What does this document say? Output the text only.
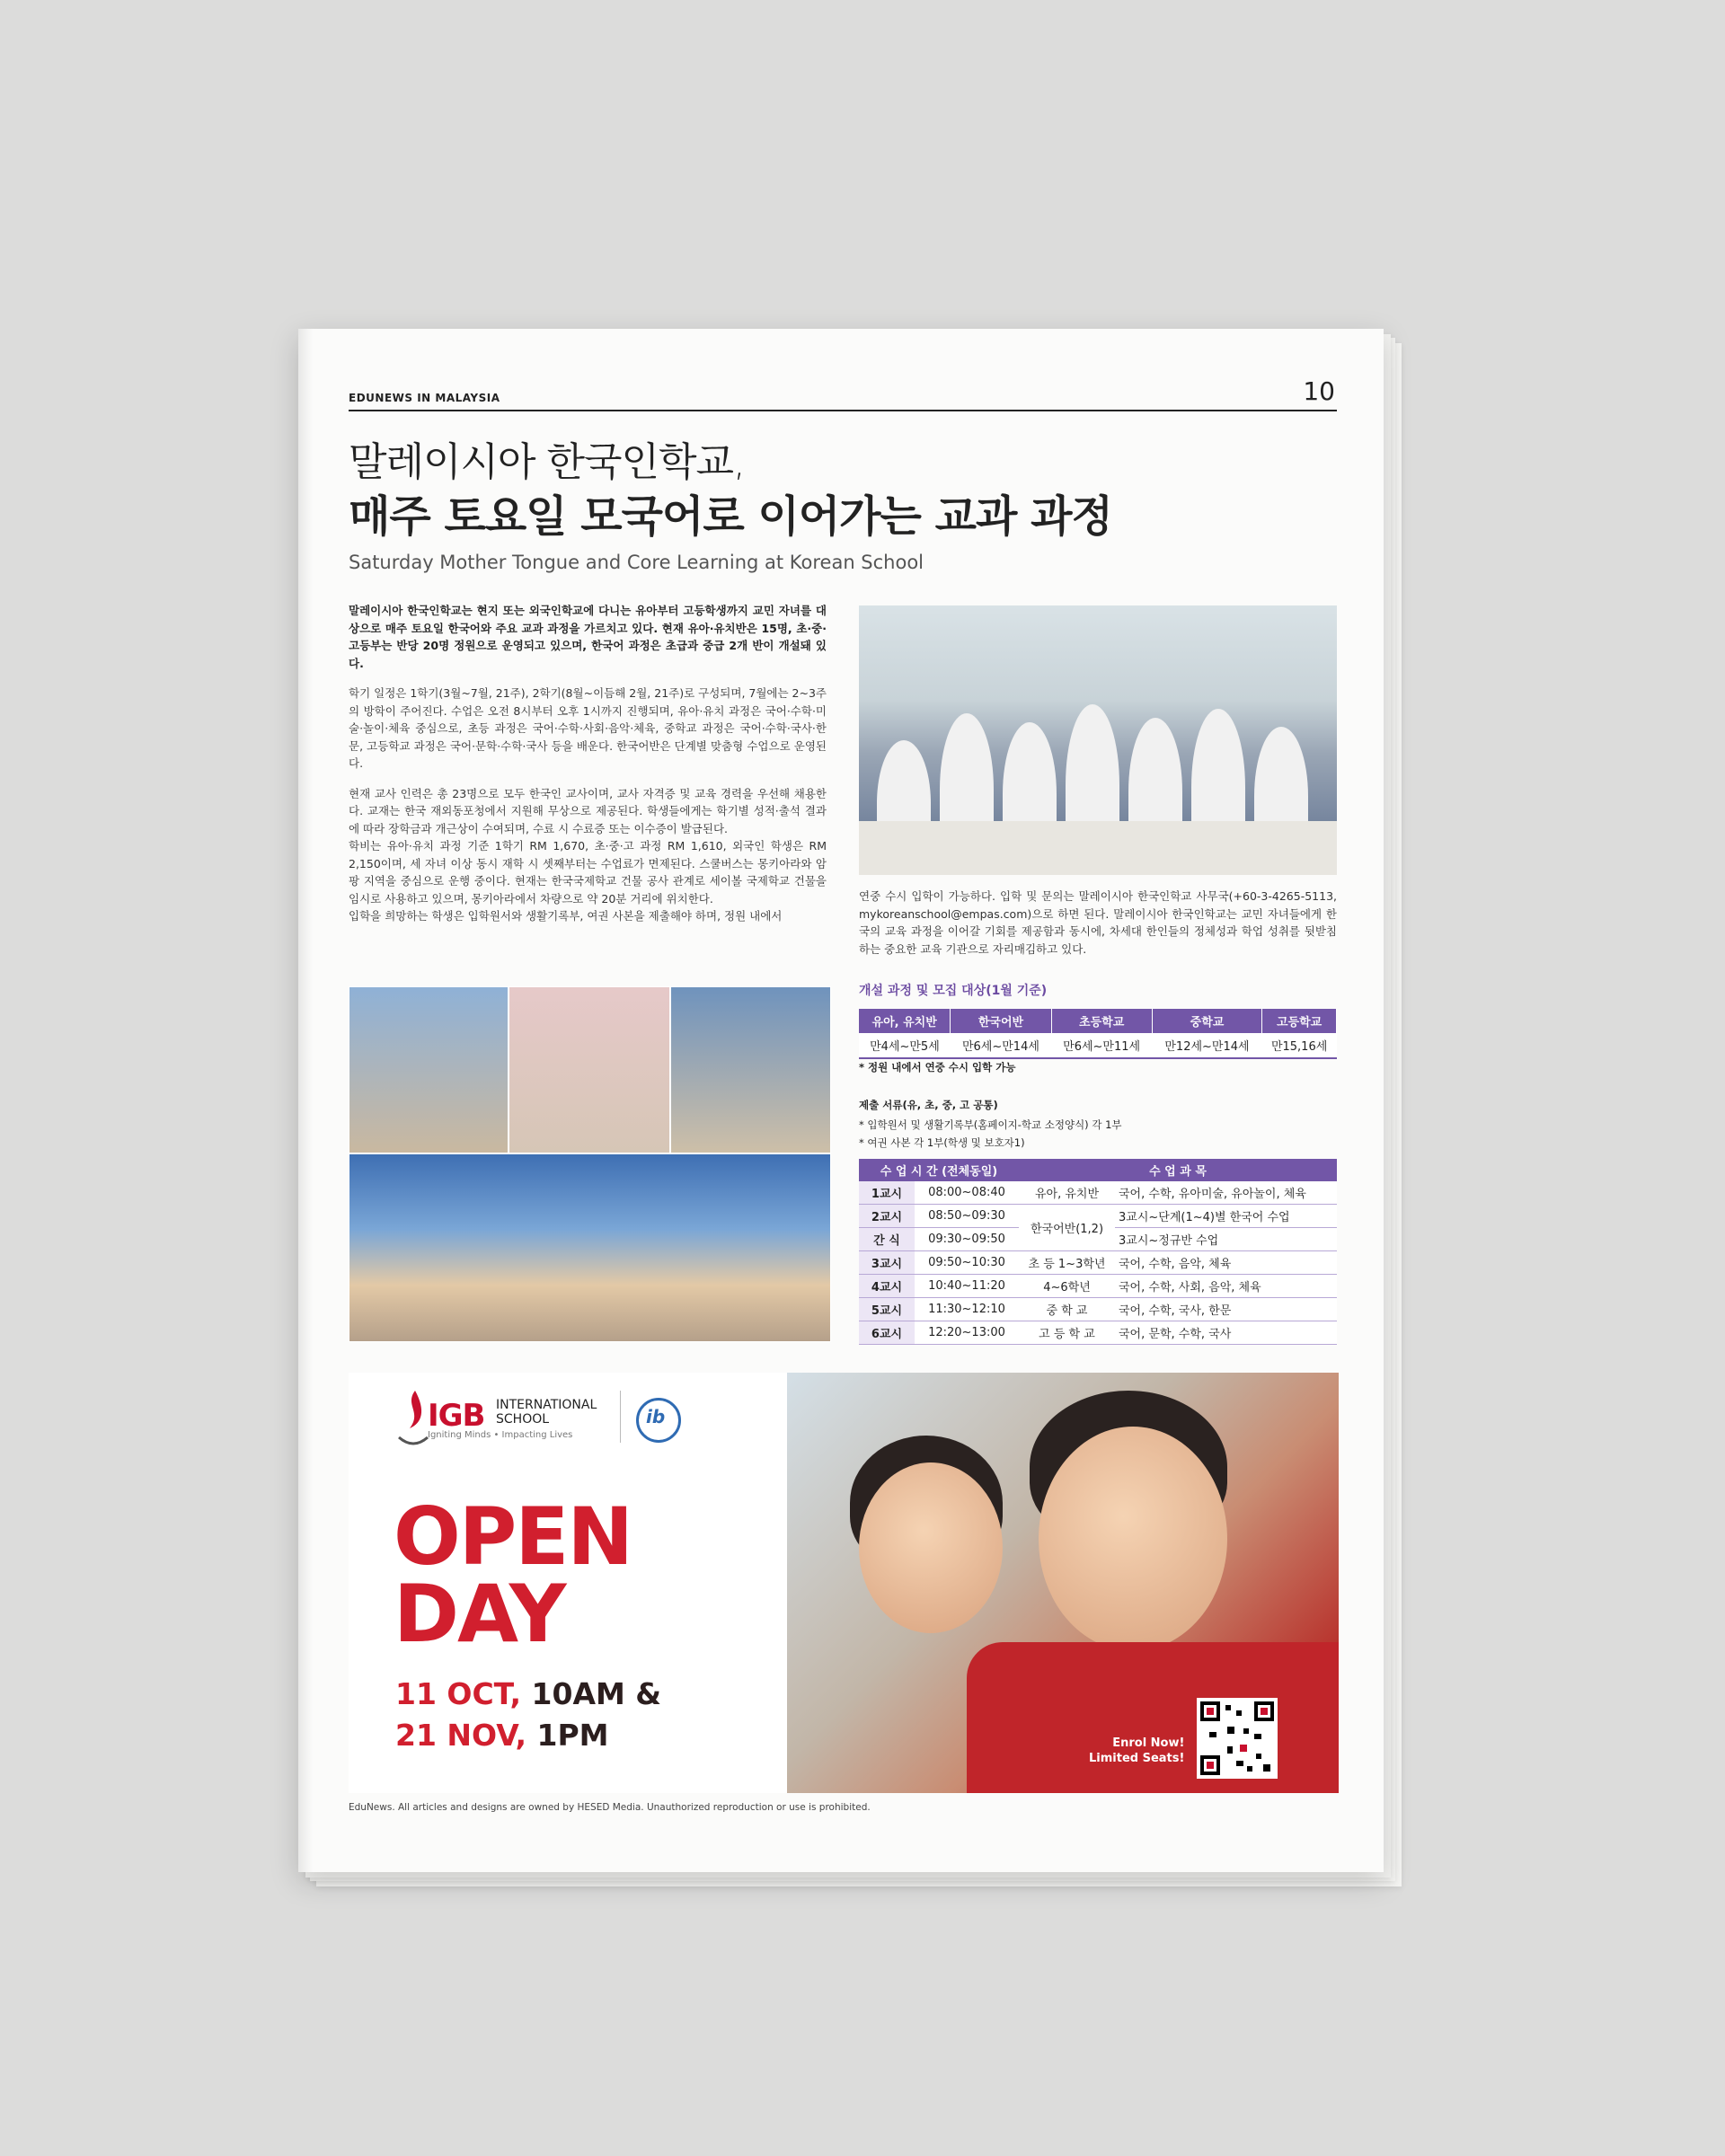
EDUNEWS IN MALAYSIA	10
말레이시아 한국인학교,
매주 토요일 모국어로 이어가는 교과 과정
Saturday Mother Tongue and Core Learning at Korean School

말레이시아 한국인학교는 현지 또는 외국인학교에 다니는 유아부터 고등학생까지 교민 자녀를 대상으로 매주 토요일 한국어와 주요 교과 과정을 가르치고 있다. 현재 유아·유치반은 15명, 초·중·고등부는 반당 20명 정원으로 운영되고 있으며, 한국어 과정은 초급과 중급 2개 반이 개설돼 있다.

학기 일정은 1학기(3월~7월, 21주), 2학기(8월~이듬해 2월, 21주)로 구성되며, 7월에는 2~3주의 방학이 주어진다. 수업은 오전 8시부터 오후 1시까지 진행되며, 유아·유치 과정은 국어·수학·미술·놀이·체육 중심으로, 초등 과정은 국어·수학·사회·음악·체육, 중학교 과정은 국어·수학·국사·한문, 고등학교 과정은 국어·문학·수학·국사 등을 배운다. 한국어반은 단계별 맞춤형 수업으로 운영된다.

현재 교사 인력은 총 23명으로 모두 한국인 교사이며, 교사 자격증 및 교육 경력을 우선해 채용한다. 교재는 한국 재외동포청에서 지원해 무상으로 제공된다. 학생들에게는 학기별 성적·출석 결과에 따라 장학금과 개근상이 수여되며, 수료 시 수료증 또는 이수증이 발급된다.

학비는 유아·유치 과정 기준 1학기 RM 1,670, 초·중·고 과정 RM 1,610, 외국인 학생은 RM 2,150이며, 세 자녀 이상 동시 재학 시 셋째부터는 수업료가 면제된다. 스쿨버스는 몽키아라와 암팡 지역을 중심으로 운행 중이다. 현재는 한국국제학교 건물 공사 관계로 세이볼 국제학교 건물을 임시로 사용하고 있으며, 몽키아라에서 차량으로 약 20분 거리에 위치한다.

입학을 희망하는 학생은 입학원서와 생활기록부, 여권 사본을 제출해야 하며, 정원 내에서

연중 수시 입학이 가능하다. 입학 및 문의는 말레이시아 한국인학교 사무국(+60-3-4265-5113, mykoreanschool@empas.com)으로 하면 된다. 말레이시아 한국인학교는 교민 자녀들에게 한국의 교육 과정을 이어갈 기회를 제공함과 동시에, 차세대 한인들의 정체성과 학업 성취를 뒷받침하는 중요한 교육 기관으로 자리매김하고 있다.
개설 과정 및 모집 대상(1월 기준)
유아, 유치반	한국어반	초등학교	중학교	고등학교
만4세~만5세	만6세~만14세	만6세~만11세	만12세~만14세	만15,16세
* 정원 내에서 연중 수시 입학 가능
제출 서류(유, 초, 중, 고 공통)
* 입학원서 및 생활기록부(홈페이지-학교 소정양식) 각 1부
* 여권 사본 각 1부(학생 및 보호자1)
수 업 시 간 (전체동일)		수 업 과 목	
1교시	08:00~08:40	유아, 유치반	국어, 수학, 유아미술, 유아놀이, 체육
2교시	08:50~09:30	한국어반(1,2)	3교시~단계(1~4)별 한국어 수업
간 식	09:30~09:50		3교시~정규반 수업
3교시	09:50~10:30	초 등 1~3학년	국어, 수학, 음악, 체육
4교시	10:40~11:20	4~6학년	국어, 수학, 사회, 음악, 체육
5교시	11:30~12:10	중 학 교	국어, 수학, 국사, 한문
6교시	12:20~13:00	고 등 학 교	국어, 문학, 수학, 국사
IGB INTERNATIONAL SCHOOL
Igniting Minds • Impacting Lives
ib
OPEN
DAY
11 OCT, 10AM &
21 NOV, 1PM	Enrol Now!
Limited Seats!
EduNews. All articles and designs are owned by HESED Media. Unauthorized reproduction or use is prohibited.
